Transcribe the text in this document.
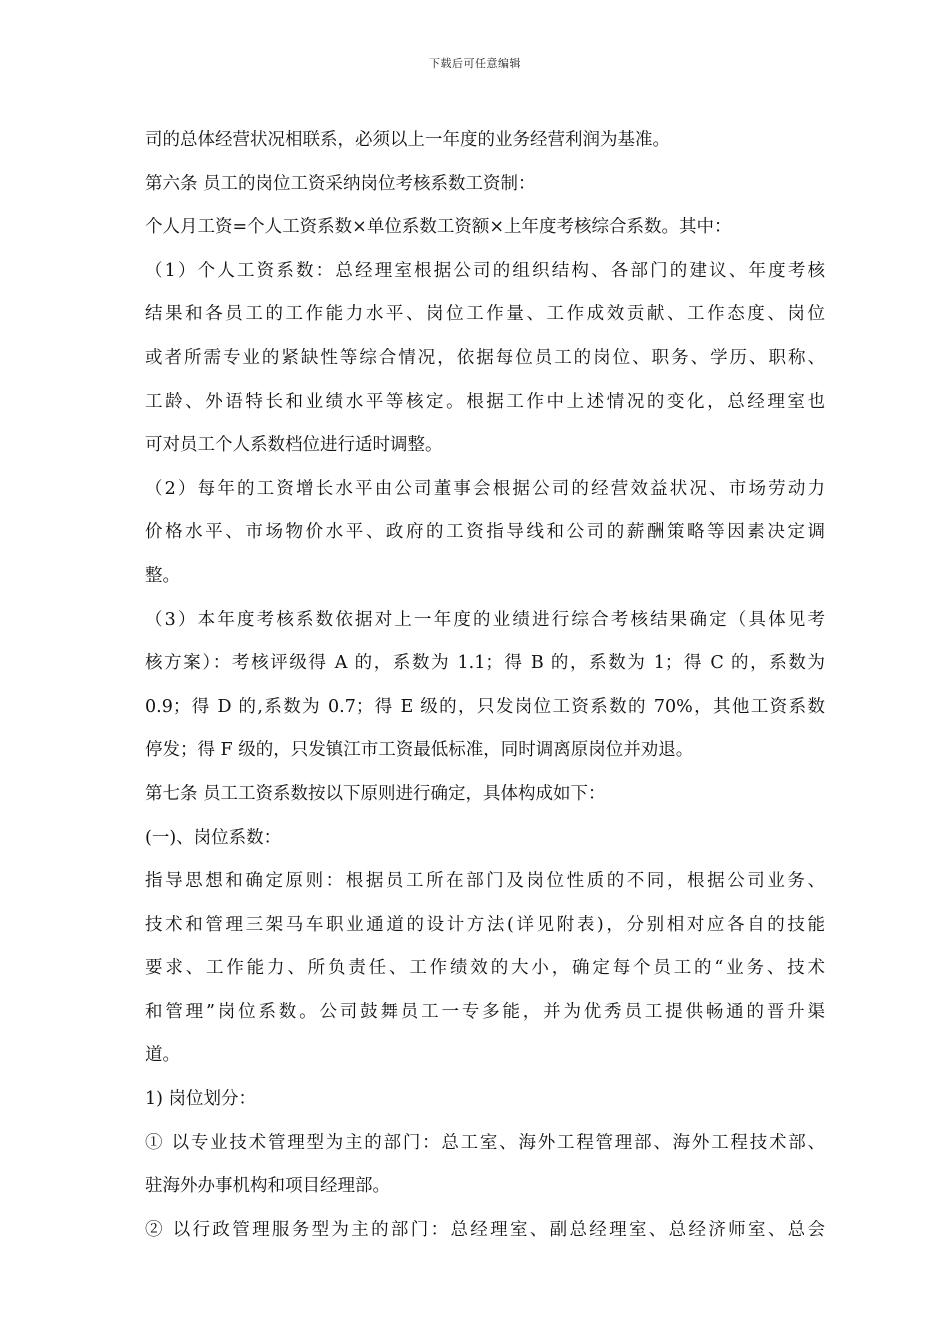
下载后可任意编辑
司的总体经营状况相联系，必须以上一年度的业务经营利润为基准。
第六条 员工的岗位工资采纳岗位考核系数工资制：
个人月工资=个人工资系数×单位系数工资额×上年度考核综合系数。其中：
（1）个人工资系数：总经理室根据公司的组织结构、各部门的建议、年度考核
结果和各员工的工作能力水平、岗位工作量、工作成效贡献、工作态度、岗位
或者所需专业的紧缺性等综合情况，依据每位员工的岗位、职务、学历、职称、
工龄、外语特长和业绩水平等核定。根据工作中上述情况的变化，总经理室也
可对员工个人系数档位进行适时调整。
（2）每年的工资增长水平由公司董事会根据公司的经营效益状况、市场劳动力
价格水平、市场物价水平、政府的工资指导线和公司的薪酬策略等因素决定调
整。
（3）本年度考核系数依据对上一年度的业绩进行综合考核结果确定（具体见考
核方案）：考核评级得 A 的，系数为 1.1；得 B 的，系数为 1；得 C 的，系数为
0.9；得 D 的,系数为 0.7；得 E 级的，只发岗位工资系数的 70%，其他工资系数
停发；得 F 级的，只发镇江市工资最低标准，同时调离原岗位并劝退。
第七条 员工工资系数按以下原则进行确定，具体构成如下：
(一)、岗位系数：
指导思想和确定原则：根据员工所在部门及岗位性质的不同，根据公司业务、
技术和管理三架马车职业通道的设计方法(详见附表)，分别相对应各自的技能
要求、工作能力、所负责任、工作绩效的大小，确定每个员工的“业务、技术
和管理”岗位系数。公司鼓舞员工一专多能，并为优秀员工提供畅通的晋升渠
道。
1) 岗位划分：
① 以专业技术管理型为主的部门：总工室、海外工程管理部、海外工程技术部、
驻海外办事机构和项目经理部。
② 以行政管理服务型为主的部门：总经理室、副总经理室、总经济师室、总会
